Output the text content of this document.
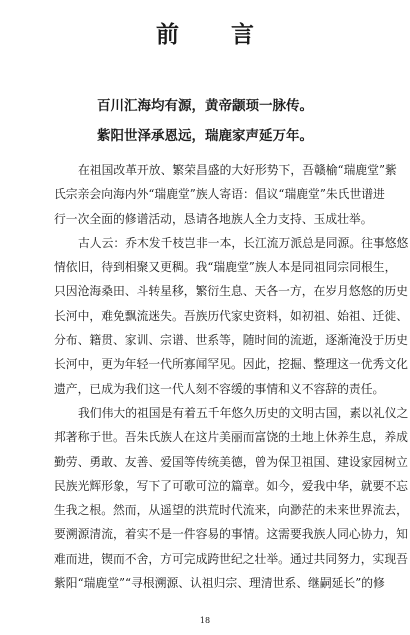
前 言
百川汇海均有源，黄帝颛顼一脉传。
紫阳世泽承恩远，瑞鹿家声延万年。

在祖国改革开放、繁荣昌盛的大好形势下，吾赣榆“瑞鹿堂”紫
氏宗亲会向海内外“瑞鹿堂”族人寄语：倡议“瑞鹿堂”朱氏世谱进
行一次全面的修谱活动，恳请各地族人全力支持、玉成壮举。

古人云：乔木发千枝岂非一本，长江流万派总是同源。往事悠悠
情依旧，待到相聚又更稠。我“瑞鹿堂”族人本是同祖同宗同根生，
只因沧海桑田、斗转星移，繁衍生息、天各一方，在岁月悠悠的历史
长河中，难免飘流迷失。吾族历代家史资料，如初祖、始祖、迁徙、
分布、籍贯、家训、宗谱、世系等，随时间的流逝，逐渐淹没于历史
长河中，更为年轻一代所寡闻罕见。因此，挖掘、整理这一优秀文化
遗产，已成为我们这一代人刻不容缓的事情和义不容辞的责任。

我们伟大的祖国是有着五千年悠久历史的文明古国，素以礼仪之
邦著称于世。吾朱氏族人在这片美丽而富饶的土地上休养生息，养成
勤劳、勇敢、友善、爱国等传统美德，曾为保卫祖国、建设家园树立
民族光辉形象，写下了可歌可泣的篇章。如今，爱我中华，就要不忘
生我之根。然而，从遥望的洪荒时代流来，向渺茫的未来世界流去，
要溯源清流，着实不是一件容易的事情。这需要我族人同心协力，知
难而进，锲而不舍，方可完成跨世纪之壮举。通过共同努力，实现吾
紫阳“瑞鹿堂”“寻根溯源、认祖归宗、理清世系、继嗣延长”的修

18
